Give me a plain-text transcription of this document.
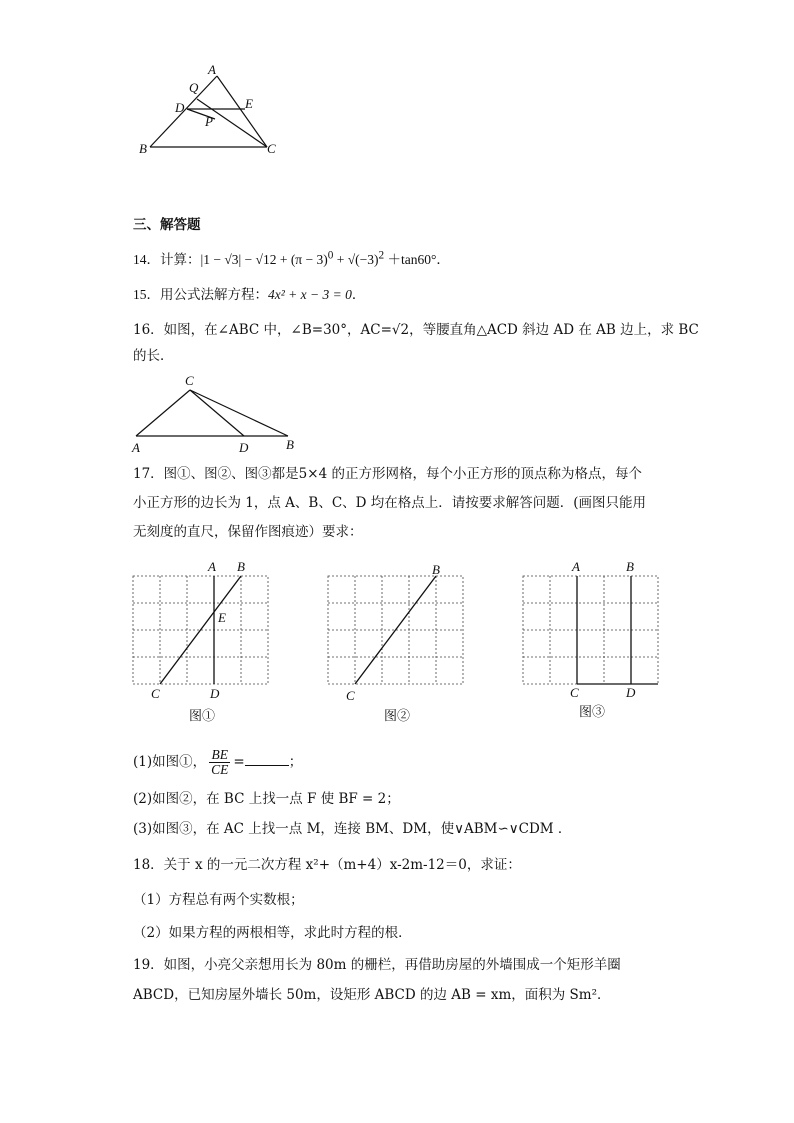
A
Q
D	E
P
B	C
三、解答题
14．计算：$|1 - √3| - √12 + (\pi - 3)^0 + √(-3)^2 +\tan 60^\circ$．
15．用公式法解方程：4x² + x − 3 = 0．
16．如图，在∠ABC 中，∠B=30°，AC=√2，等腰直角△ACD 斜边 AD 在 AB 边上，求 BC
的长．
C
A	D	B
17．图①、图②、图③都是5×4 的正方形网格，每个小正方形的顶点称为格点，每个
小正方形的边长为 1，点 A、B、C、D 均在格点上．请按要求解答问题．(画图只能用
无刻度的直尺，保留作图痕迹）要求：
A B
E
C	D
图①
B
C
图②
A	B
C	D
图③
(1)如图①， $\frac{BE}{CE}$ =	；
(2)如图②，在 BC 上找一点 F 使 BF = 2；
(3)如图③，在 AC 上找一点 M，连接 BM、DM，使∨ABM∽∨CDM ．
18．关于 x 的一元二次方程 x²+（m+4）x-2m-12＝0，求证：
（1）方程总有两个实数根；
（2）如果方程的两根相等，求此时方程的根．
19．如图，小亮父亲想用长为 80m 的栅栏，再借助房屋的外墙围成一个矩形羊圈
ABCD，已知房屋外墙长 50m，设矩形 ABCD 的边 AB = xm，面积为 Sm²．
